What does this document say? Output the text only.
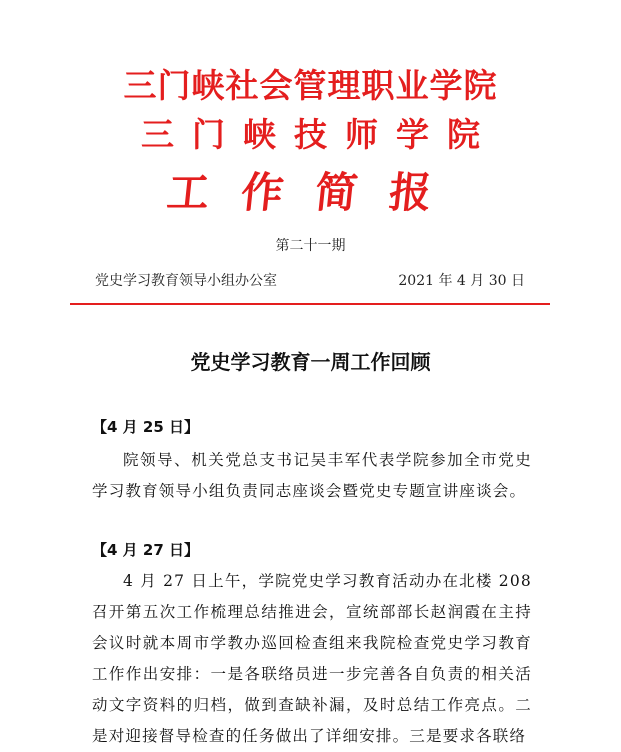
三门峡社会管理职业学院
三门峡技师学院
工作简报
第二十一期
党史学习教育领导小组办公室	2021 年 4 月 30 日
党史学习教育一周工作回顾
【4 月 25 日】
院领导、机关党总支书记吴丰军代表学院参加全市党史学习教育领导小组负责同志座谈会暨党史专题宣讲座谈会。
【4 月 27 日】
4 月 27 日上午，学院党史学习教育活动办在北楼 208 召开第五次工作梳理总结推进会，宣统部部长赵润霞在主持会议时就本周市学教办巡回检查组来我院检查党史学习教育工作作出安排：一是各联络员进一步完善各自负责的相关活动文字资料的归档，做到查缺补漏，及时总结工作亮点。二是对迎接督导检查的任务做出了详细安排。三是要求各联络
